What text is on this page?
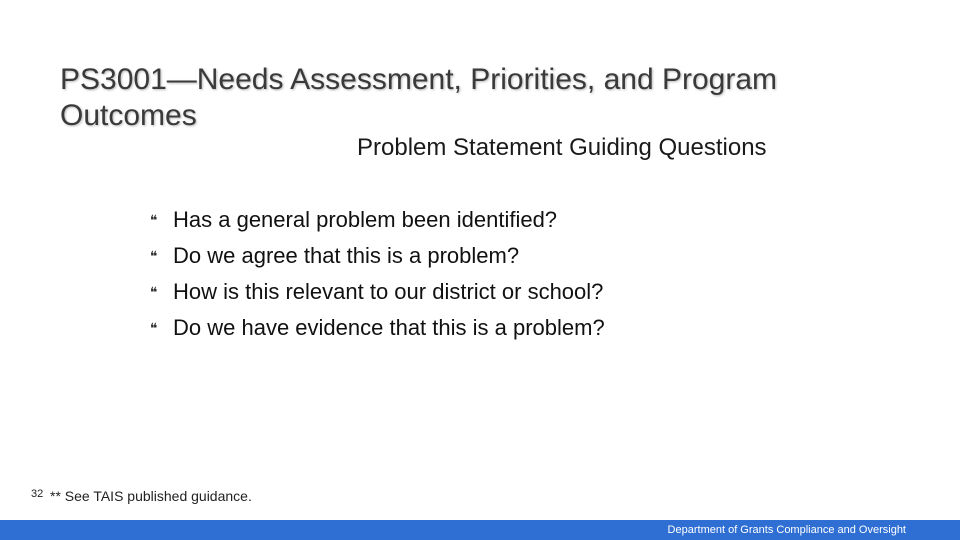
PS3001—Needs Assessment, Priorities, and Program Outcomes
Problem Statement Guiding Questions
❝ Has a general problem been identified?
❝ Do we agree that this is a problem?
❝ How is this relevant to our district or school?
❝ Do we have evidence that this is a problem?
32 ** See TAIS published guidance.
Department of Grants Compliance and Oversight
